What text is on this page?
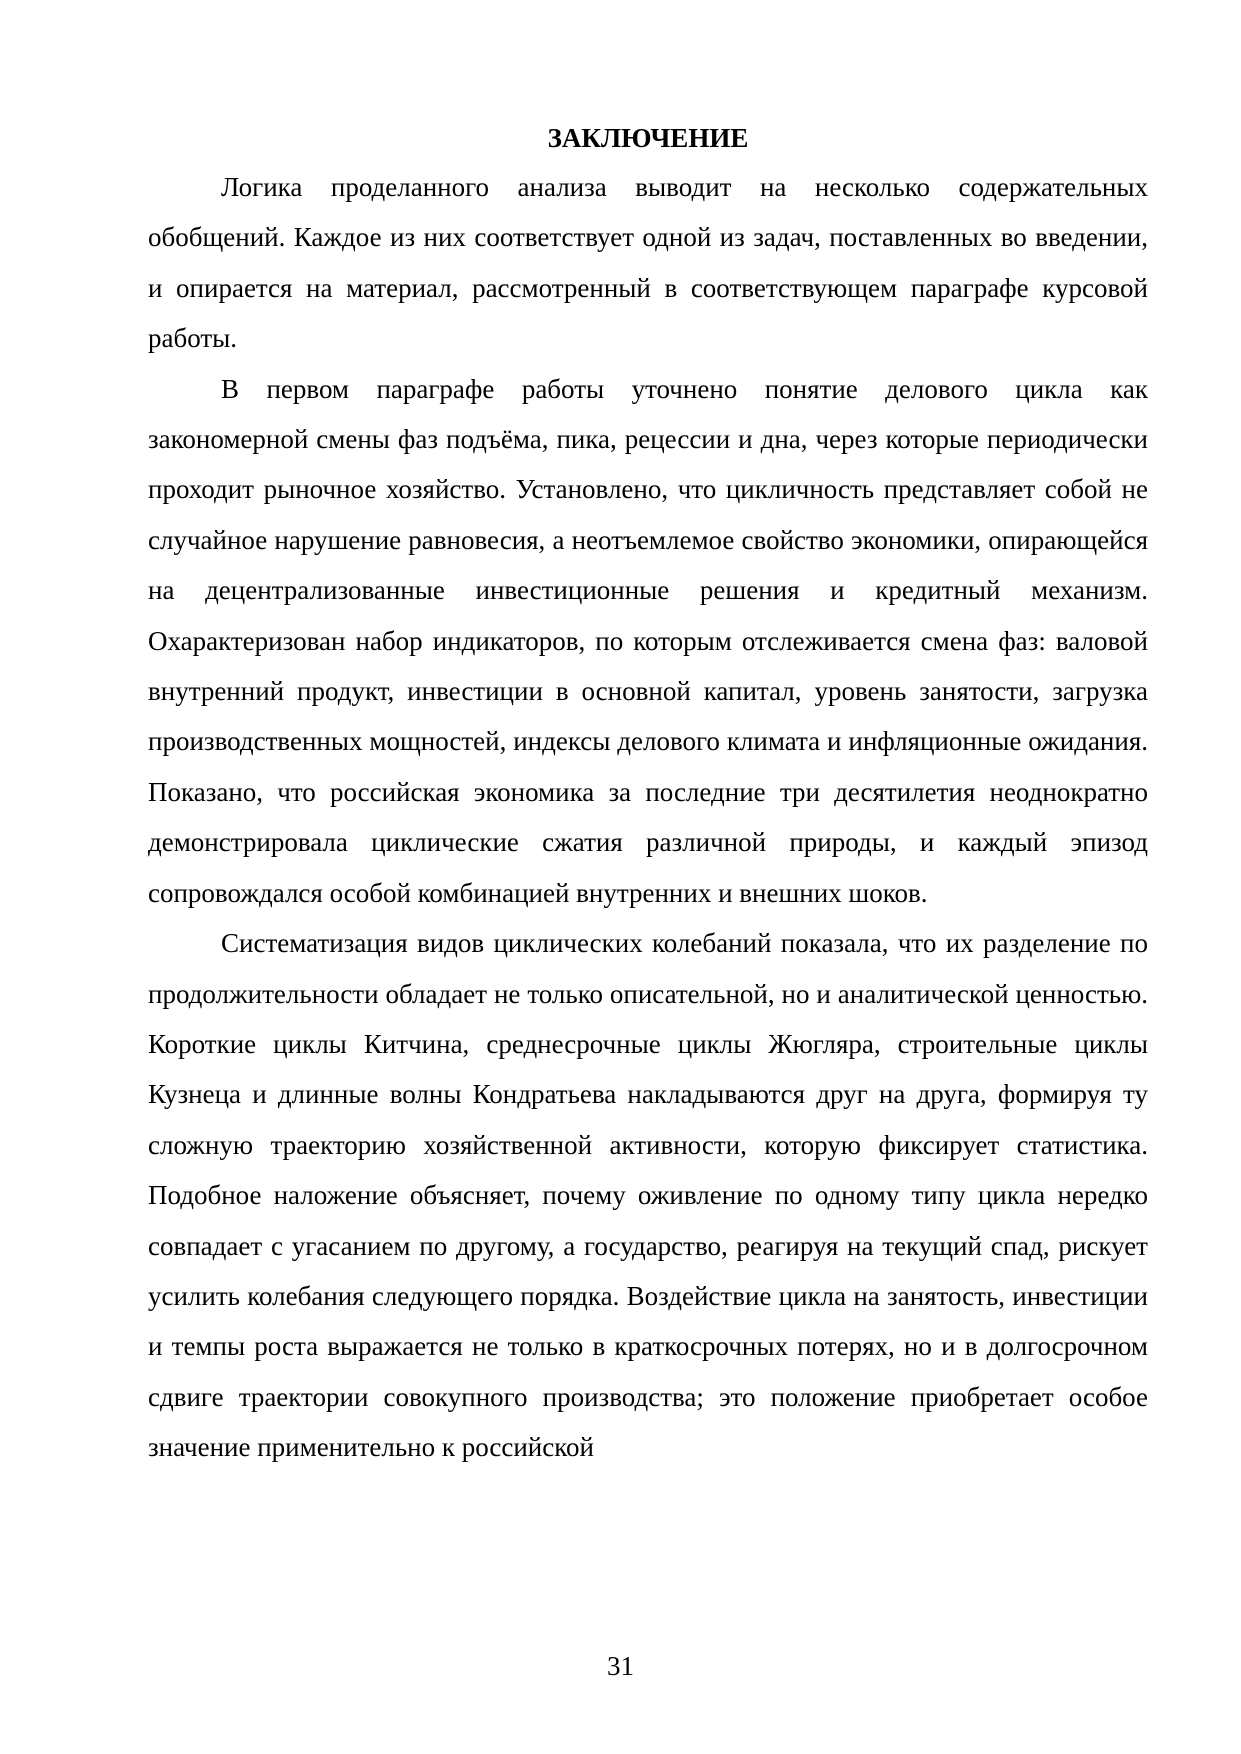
ЗАКЛЮЧЕНИЕ

Логика проделанного анализа выводит на несколько содержательных обобщений. Каждое из них соответствует одной из задач, поставленных во введении, и опирается на материал, рассмотренный в соответствующем параграфе курсовой работы.

В первом параграфе работы уточнено понятие делового цикла как закономерной смены фаз подъёма, пика, рецессии и дна, через которые периодически проходит рыночное хозяйство. Установлено, что цикличность представляет собой не случайное нарушение равновесия, а неотъемлемое свойство экономики, опирающейся на децентрализованные инвестиционные решения и кредитный механизм. Охарактеризован набор индикаторов, по которым отслеживается смена фаз: валовой внутренний продукт, инвестиции в основной капитал, уровень занятости, загрузка производственных мощностей, индексы делового климата и инфляционные ожидания. Показано, что российская экономика за последние три десятилетия неоднократно демонстрировала циклические сжатия различной природы, и каждый эпизод сопровождался особой комбинацией внутренних и внешних шоков.

Систематизация видов циклических колебаний показала, что их разделение по продолжительности обладает не только описательной, но и аналитической ценностью. Короткие циклы Китчина, среднесрочные циклы Жюгляра, строительные циклы Кузнеца и длинные волны Кондратьева накладываются друг на друга, формируя ту сложную траекторию хозяйственной активности, которую фиксирует статистика. Подобное наложение объясняет, почему оживление по одному типу цикла нередко совпадает с угасанием по другому, а государство, реагируя на текущий спад, рискует усилить колебания следующего порядка. Воздействие цикла на занятость, инвестиции и темпы роста выражается не только в краткосрочных потерях, но и в долгосрочном сдвиге траектории совокупного производства; это положение приобретает особое значение применительно к российской

31
